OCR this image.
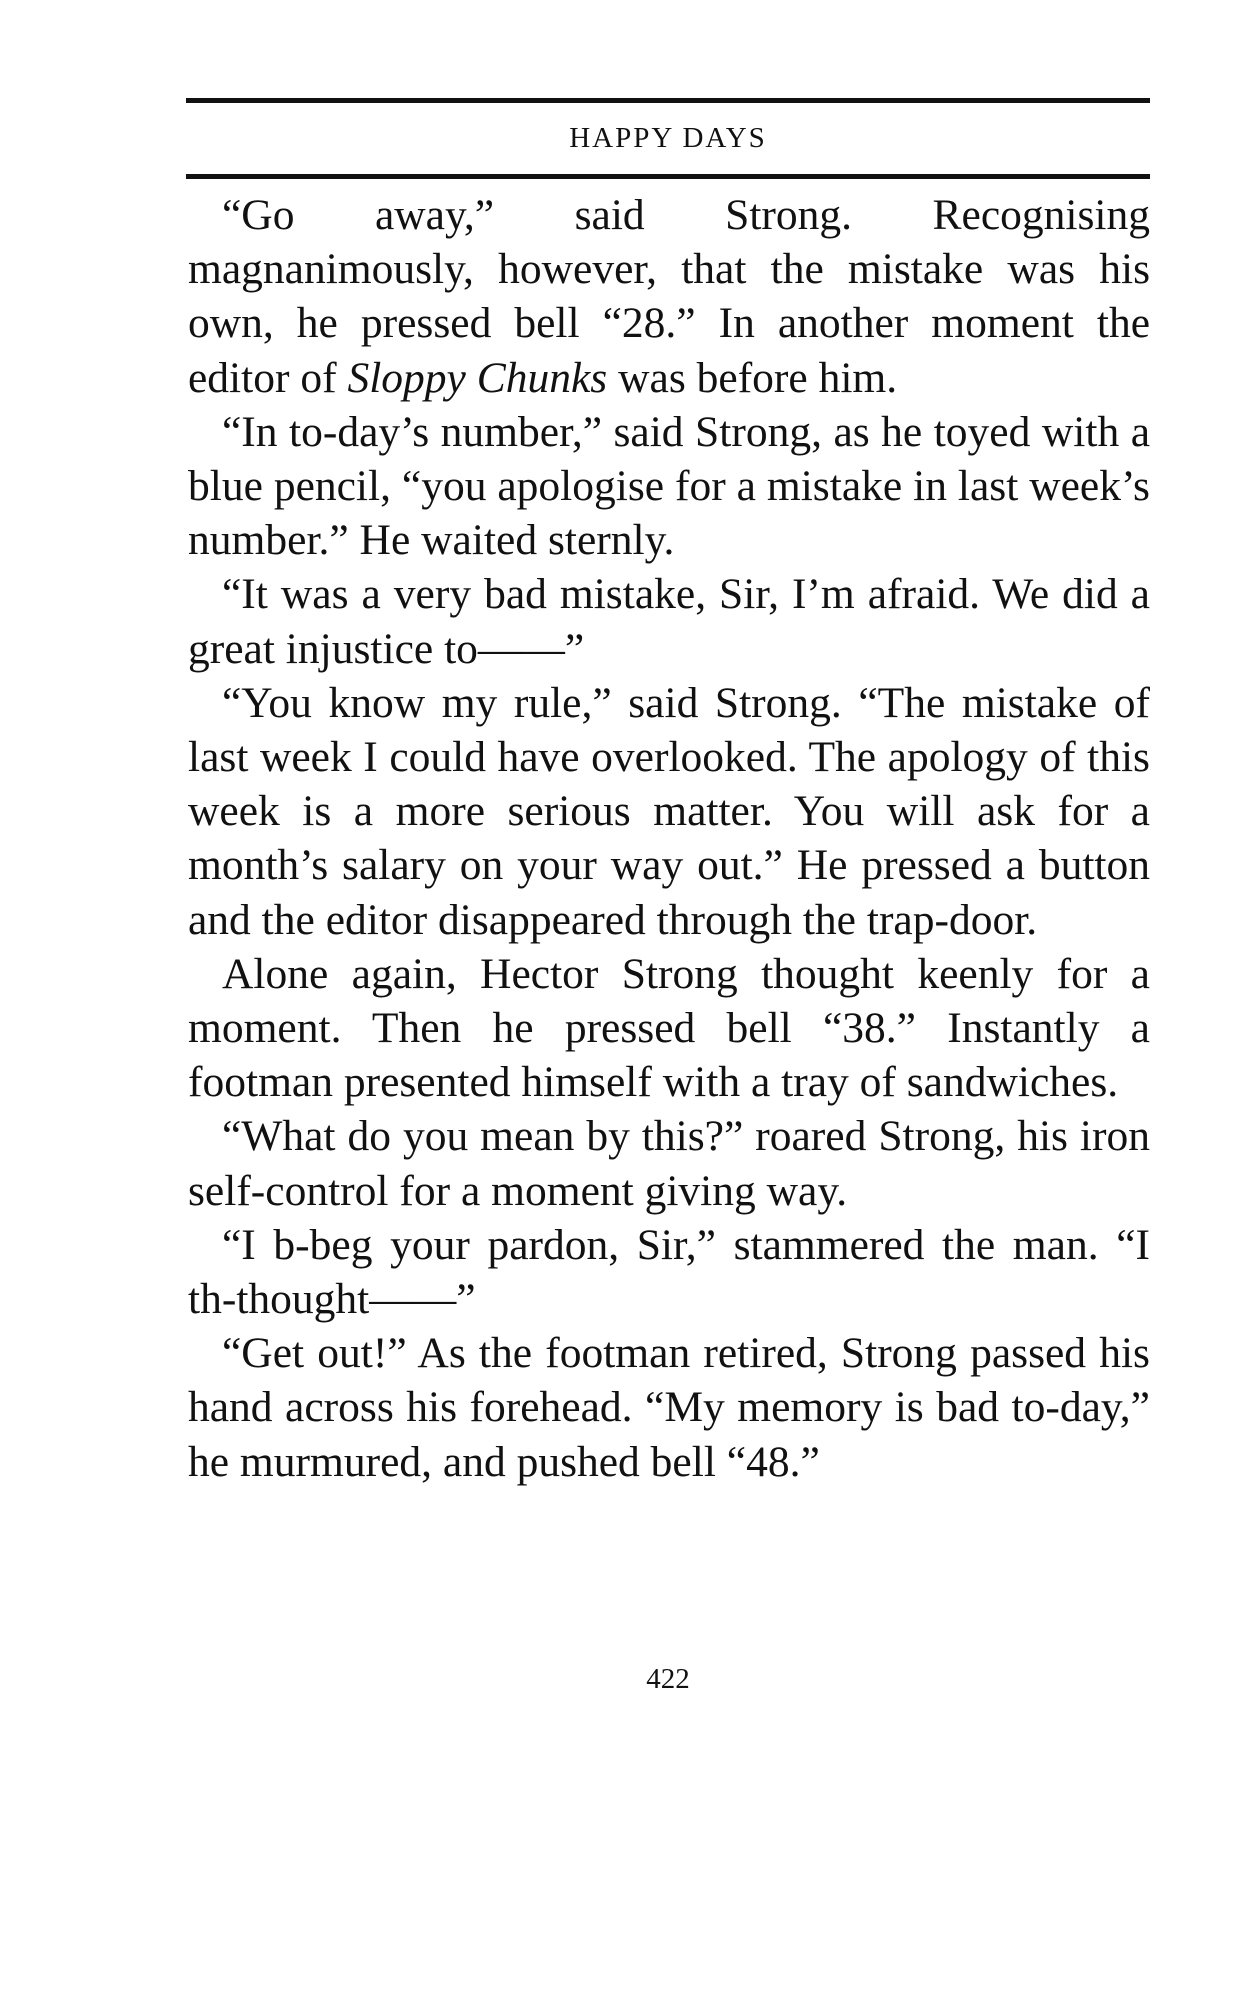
HAPPY DAYS

“Go away,” said Strong. Recognising magnanimously, however, that the mistake was his own, he pressed bell “28.” In another moment the editor of Sloppy Chunks was before him.

“In to-day’s number,” said Strong, as he toyed with a blue pencil, “you apologise for a mistake in last week’s number.” He waited sternly.

“It was a very bad mistake, Sir, I’m afraid. We did a great injustice to——”

“You know my rule,” said Strong. “The mistake of last week I could have overlooked. The apology of this week is a more serious matter. You will ask for a month’s salary on your way out.” He pressed a button and the editor disappeared through the trap-door.

Alone again, Hector Strong thought keenly for a moment. Then he pressed bell “38.” Instantly a footman presented himself with a tray of sandwiches.

“What do you mean by this?” roared Strong, his iron self-control for a moment giving way.

“I b-beg your pardon, Sir,” stammered the man. “I th-thought——”

“Get out!” As the footman retired, Strong passed his hand across his forehead. “My memory is bad to-day,” he murmured, and pushed bell “48.”

422
